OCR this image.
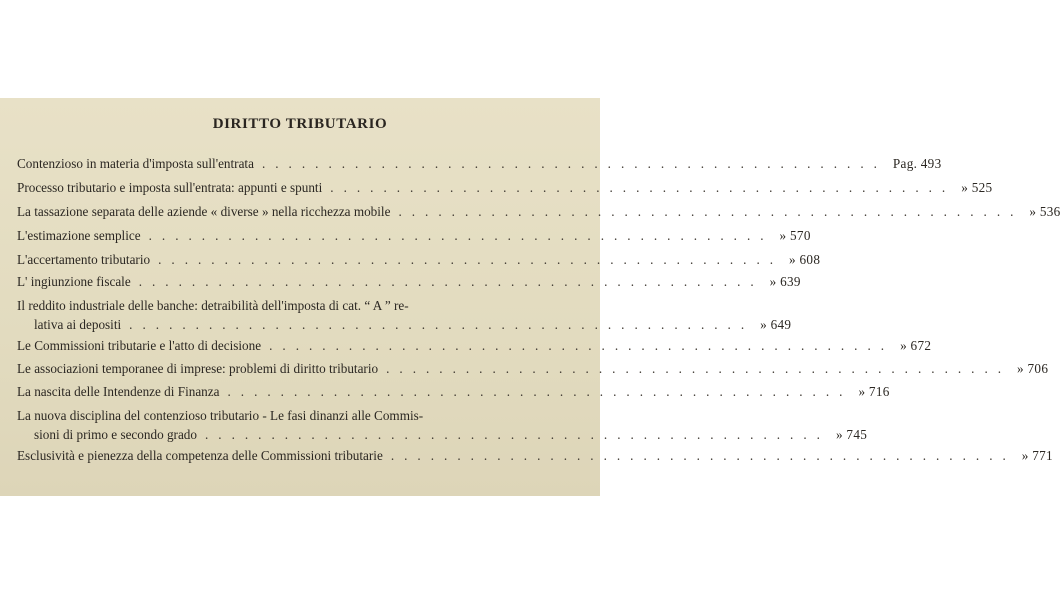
DIRITTO TRIBUTARIO
Contenzioso in materia d'imposta sull'entrata ............................................... Pag. 493
Processo tributario e imposta sull'entrata: appunti e spunti ............................................... » 525
La tassazione separata delle aziende « diverse » nella ricchezza mobile ............................................... » 536
L'estimazione semplice ............................................... » 570
L'accertamento tributario ............................................... » 608
L' ingiunzione fiscale ............................................... » 639
Il reddito industriale delle banche: detraibilità dell'imposta di cat. “ A ” re-
lativa ai depositi ............................................... » 649
Le Commissioni tributarie e l'atto di decisione ............................................... » 672
Le associazioni temporanee di imprese: problemi di diritto tributario ............................................... » 706
La nascita delle Intendenze di Finanza ............................................... » 716
La nuova disciplina del contenzioso tributario - Le fasi dinanzi alle Commis-
sioni di primo e secondo grado ............................................... » 745
Esclusività e pienezza della competenza delle Commissioni tributarie ............................................... » 771
